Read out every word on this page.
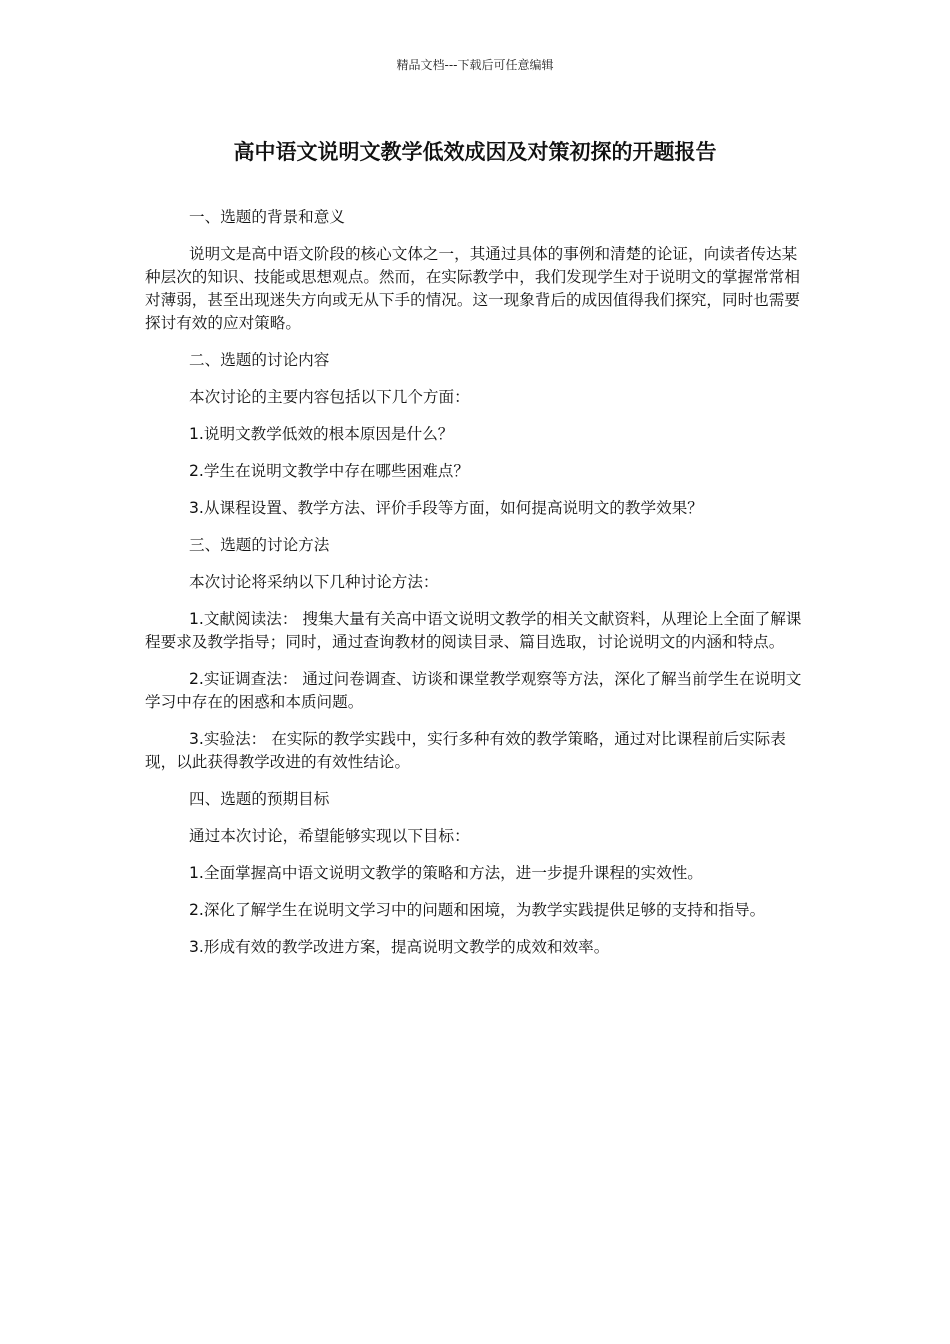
精品文档---下载后可任意编辑
高中语文说明文教学低效成因及对策初探的开题报告

一、选题的背景和意义

说明文是高中语文阶段的核心文体之一，其通过具体的事例和清楚的论证，向读者传达某种层次的知识、技能或思想观点。然而，在实际教学中，我们发现学生对于说明文的掌握常常相对薄弱，甚至出现迷失方向或无从下手的情况。这一现象背后的成因值得我们探究，同时也需要探讨有效的应对策略。

二、选题的讨论内容

本次讨论的主要内容包括以下几个方面：

1.说明文教学低效的根本原因是什么？

2.学生在说明文教学中存在哪些困难点？

3.从课程设置、教学方法、评价手段等方面，如何提高说明文的教学效果？

三、选题的讨论方法

本次讨论将采纳以下几种讨论方法：

1.文献阅读法： 搜集大量有关高中语文说明文教学的相关文献资料，从理论上全面了解课程要求及教学指导；同时，通过查询教材的阅读目录、篇目选取，讨论说明文的内涵和特点。

2.实证调查法： 通过问卷调查、访谈和课堂教学观察等方法，深化了解当前学生在说明文学习中存在的困惑和本质问题。

3.实验法： 在实际的教学实践中，实行多种有效的教学策略，通过对比课程前后实际表现，以此获得教学改进的有效性结论。

四、选题的预期目标

通过本次讨论，希望能够实现以下目标：

1.全面掌握高中语文说明文教学的策略和方法，进一步提升课程的实效性。

2.深化了解学生在说明文学习中的问题和困境，为教学实践提供足够的支持和指导。

3.形成有效的教学改进方案，提高说明文教学的成效和效率。
